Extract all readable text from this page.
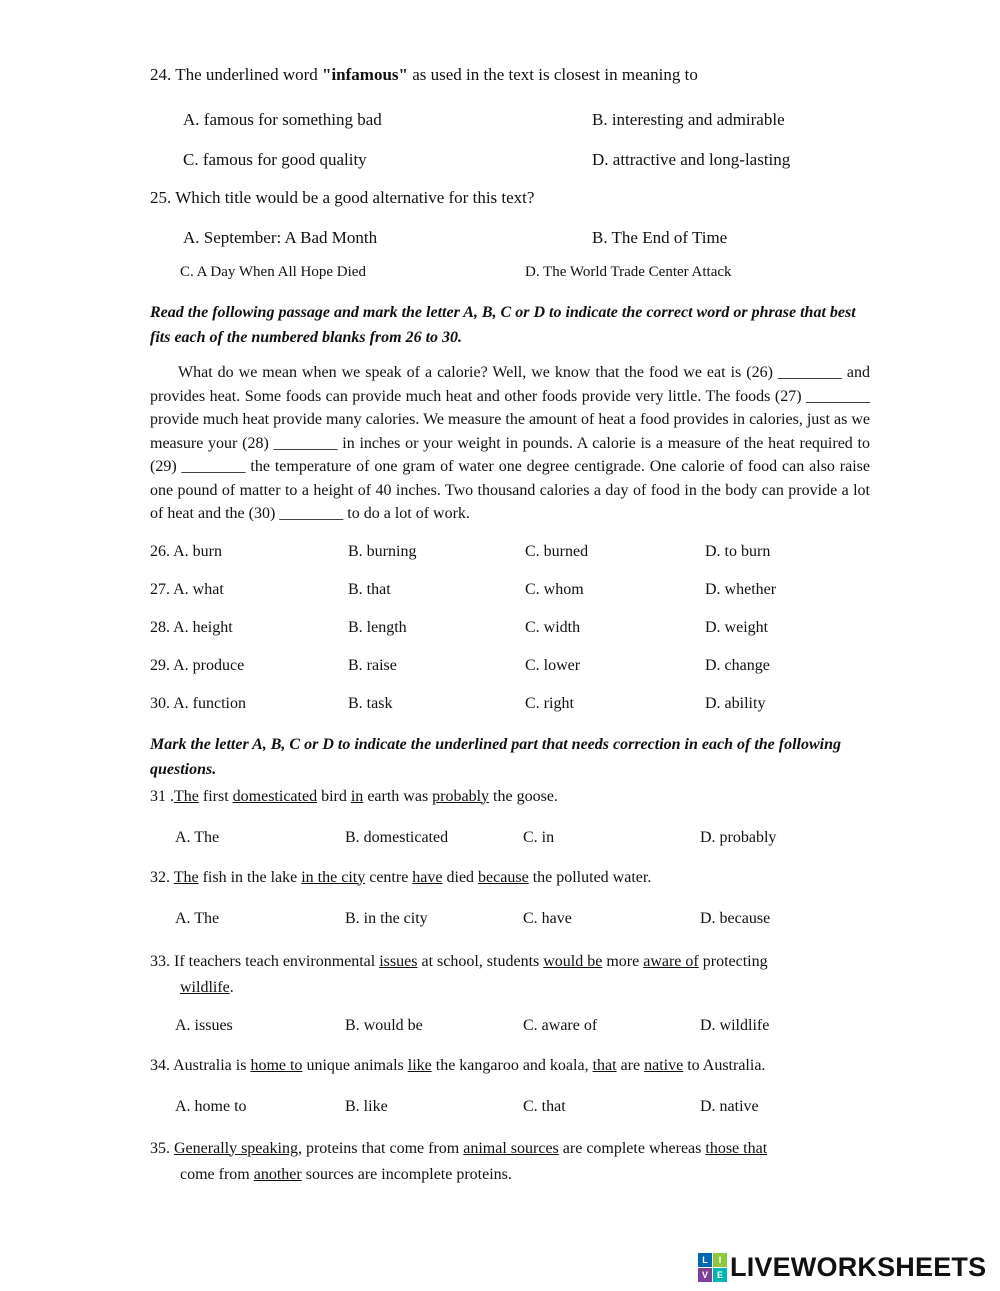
24. The underlined word "infamous" as used in the text is closest in meaning to

A. famous for something bad	B. interesting and admirable
C. famous for good quality	D. attractive and long-lasting

25. Which title would be a good alternative for this text?

A. September: A Bad Month	B. The End of Time
C. A Day When All Hope Died	D. The World Trade Center Attack

Read the following passage and mark the letter A, B, C or D to indicate the correct word or phrase that best fits each of the numbered blanks from 26 to 30.

What do we mean when we speak of a calorie? Well, we know that the food we eat is (26) ________ and provides heat. Some foods can provide much heat and other foods provide very little. The foods (27) ________ provide much heat provide many calories. We measure the amount of heat a food provides in calories, just as we measure your (28) ________ in inches or your weight in pounds. A calorie is a measure of the heat required to (29) ________ the temperature of one gram of water one degree centigrade. One calorie of food can also raise one pound of matter to a height of 40 inches. Two thousand calories a day of food in the body can provide a lot of heat and the (30) ________ to do a lot of work.

26. A. burn	B. burning	C. burned	D. to burn
27. A. what	B. that	C. whom	D. whether
28. A. height	B. length	C. width	D. weight
29. A. produce	B. raise	C. lower	D. change
30. A. function	B. task	C. right	D. ability

Mark the letter A, B, C or D to indicate the underlined part that needs correction in each of the following questions.

31 .The first domesticated bird in earth was probably the goose.

A. The	B. domesticated	C. in	D. probably

32. The fish in the lake in the city centre have died because the polluted water.

A. The	B. in the city	C. have	D. because

33. If teachers teach environmental issues at school, students would be more aware of protecting
wildlife.

A. issues	B. would be	C. aware of	D. wildlife

34. Australia is home to unique animals like the kangaroo and koala, that are native to Australia.

A. home to	B. like	C. that	D. native

35. Generally speaking, proteins that come from animal sources are complete whereas those that
come from another sources are incomplete proteins.

L	I
V E LIVEWORKSHEETS
